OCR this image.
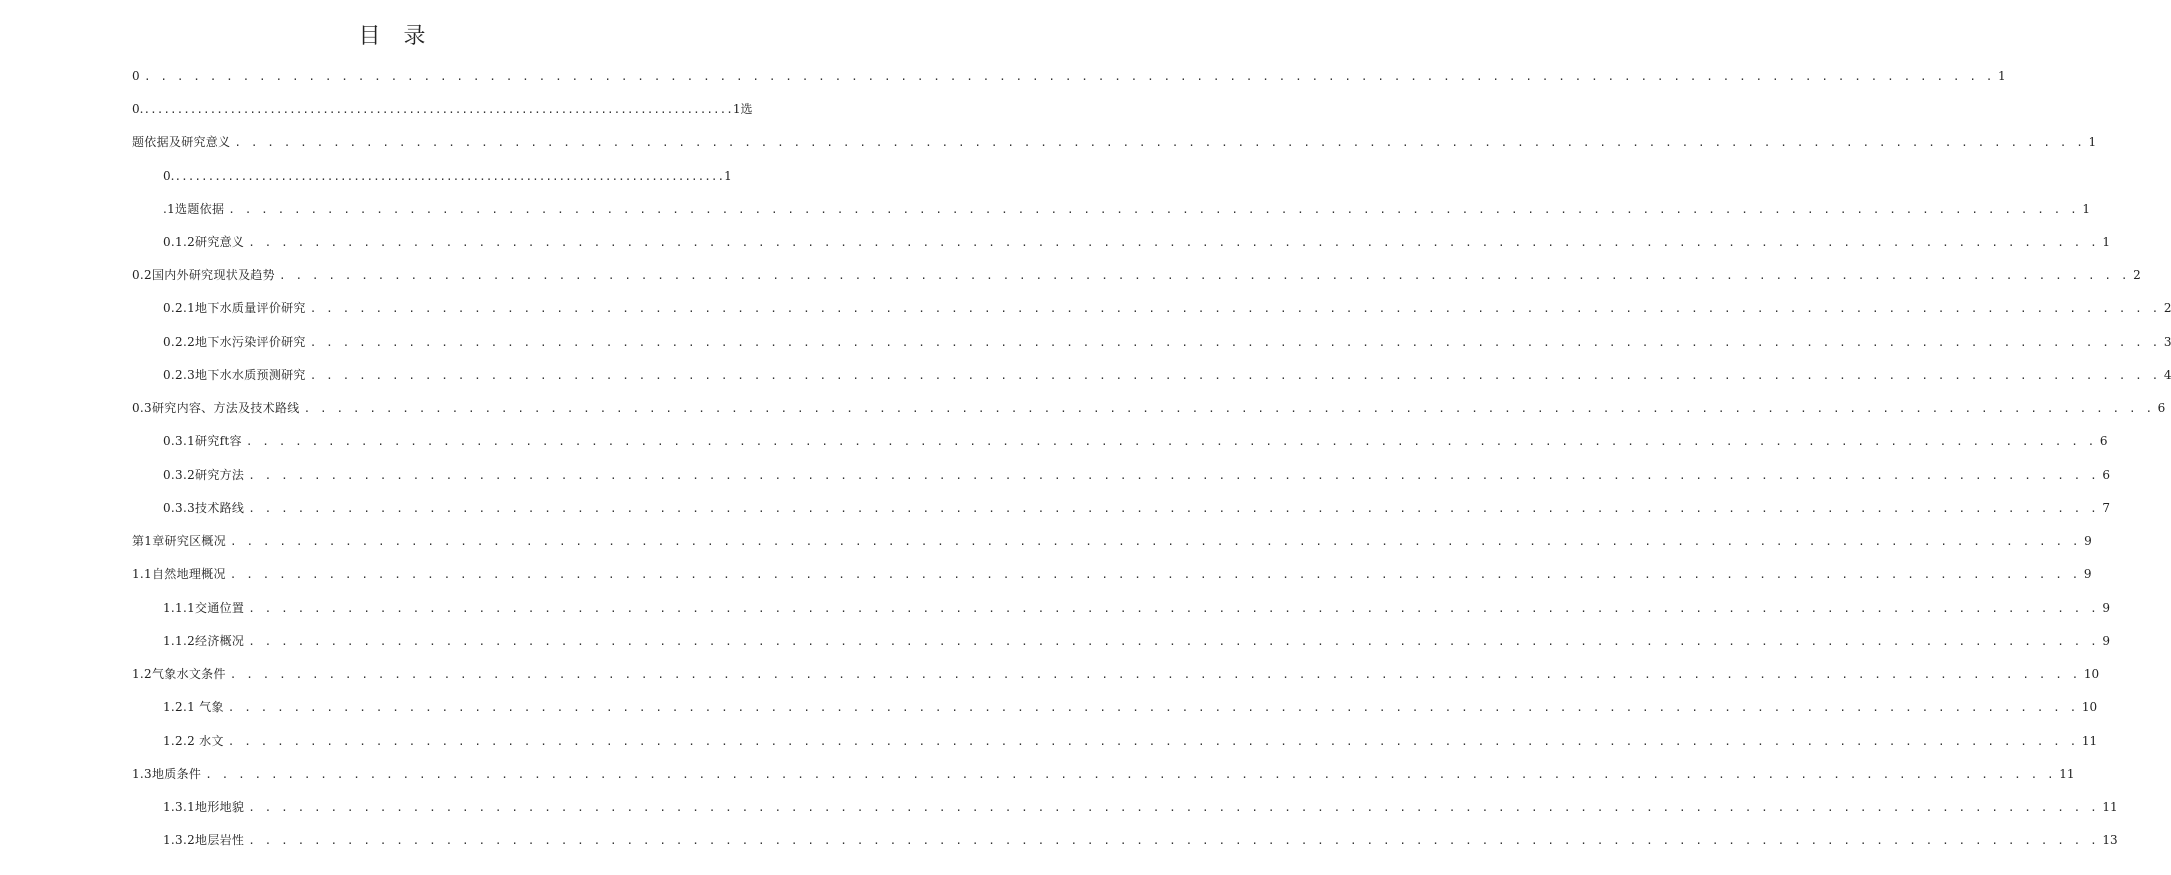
目 录
0 . . .	1
0..........................................................................................1选
题依据及研究意义 . . .	1
0....................................................................................1
.1选题依据 . . .	1
0.1.2研究意义 . . .	1
0.2国内外研究现状及趋势 . . .	2
0.2.1地下水质量评价研究 . . .	2
0.2.2地下水污染评价研究 . . .	3
0.2.3地下水水质预测研究 . . .	4
0.3研究内容、方法及技术路线 . . .	6
0.3.1研究ft容 . . .	6
0.3.2研究方法 . . .	6
0.3.3技术路线 . . .	7
第1章研究区概况 . . .	9
1.1自然地理概况 . . .	9
1.1.1交通位置 . . .	9
1.1.2经济概况 . . .	9
1.2气象水文条件 . . .	10
1.2.1 气象 . . .	10
1.2.2 水文 . . .	11
1.3地质条件 . . .	11
1.3.1地形地貌 . . .	11
1.3.2地层岩性 . . .	13
